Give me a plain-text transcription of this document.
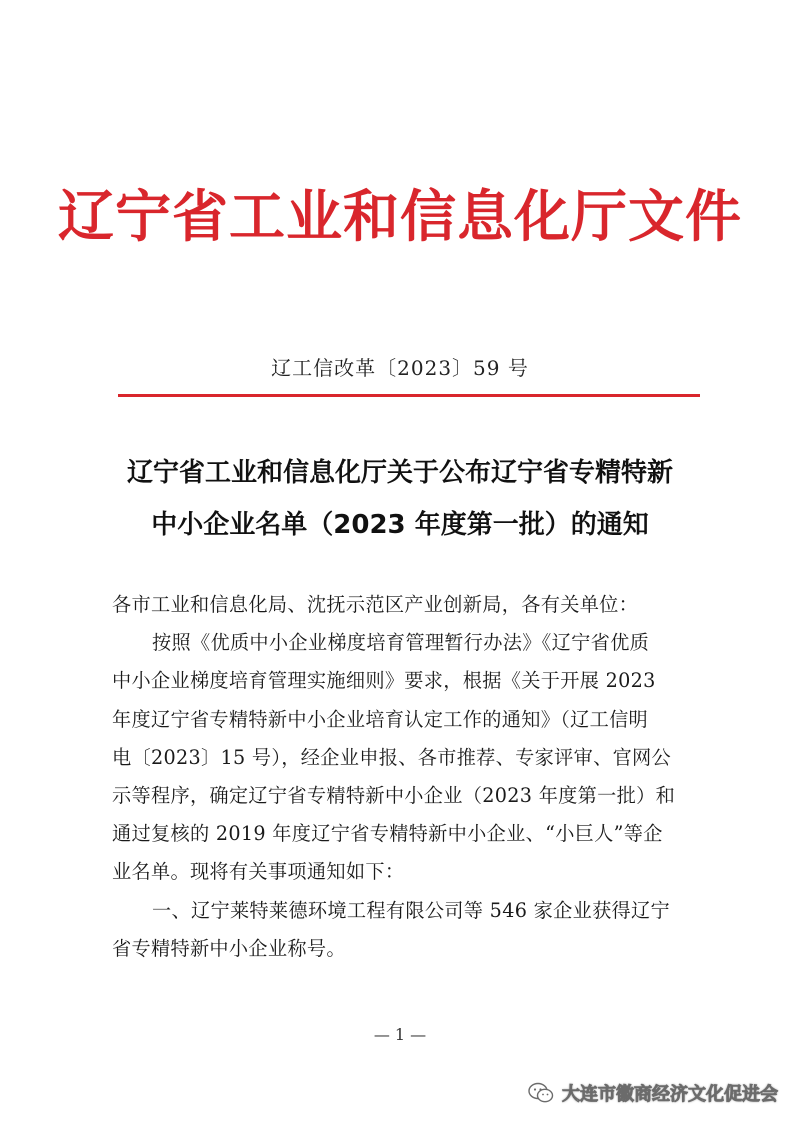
辽宁省工业和信息化厅文件
辽工信改革〔2023〕59 号
辽宁省工业和信息化厅关于公布辽宁省专精特新
中小企业名单（2023 年度第一批）的通知
各市工业和信息化局、沈抚示范区产业创新局，各有关单位：
按照《优质中小企业梯度培育管理暂行办法》《辽宁省优质
中小企业梯度培育管理实施细则》要求，根据《关于开展 2023
年度辽宁省专精特新中小企业培育认定工作的通知》（辽工信明
电〔2023〕15 号），经企业申报、各市推荐、专家评审、官网公
示等程序，确定辽宁省专精特新中小企业（2023 年度第一批）和
通过复核的 2019 年度辽宁省专精特新中小企业、“小巨人”等企
业名单。现将有关事项通知如下：
一、辽宁莱特莱德环境工程有限公司等 546 家企业获得辽宁
省专精特新中小企业称号。
— 1 —
大连市徽商经济文化促进会
